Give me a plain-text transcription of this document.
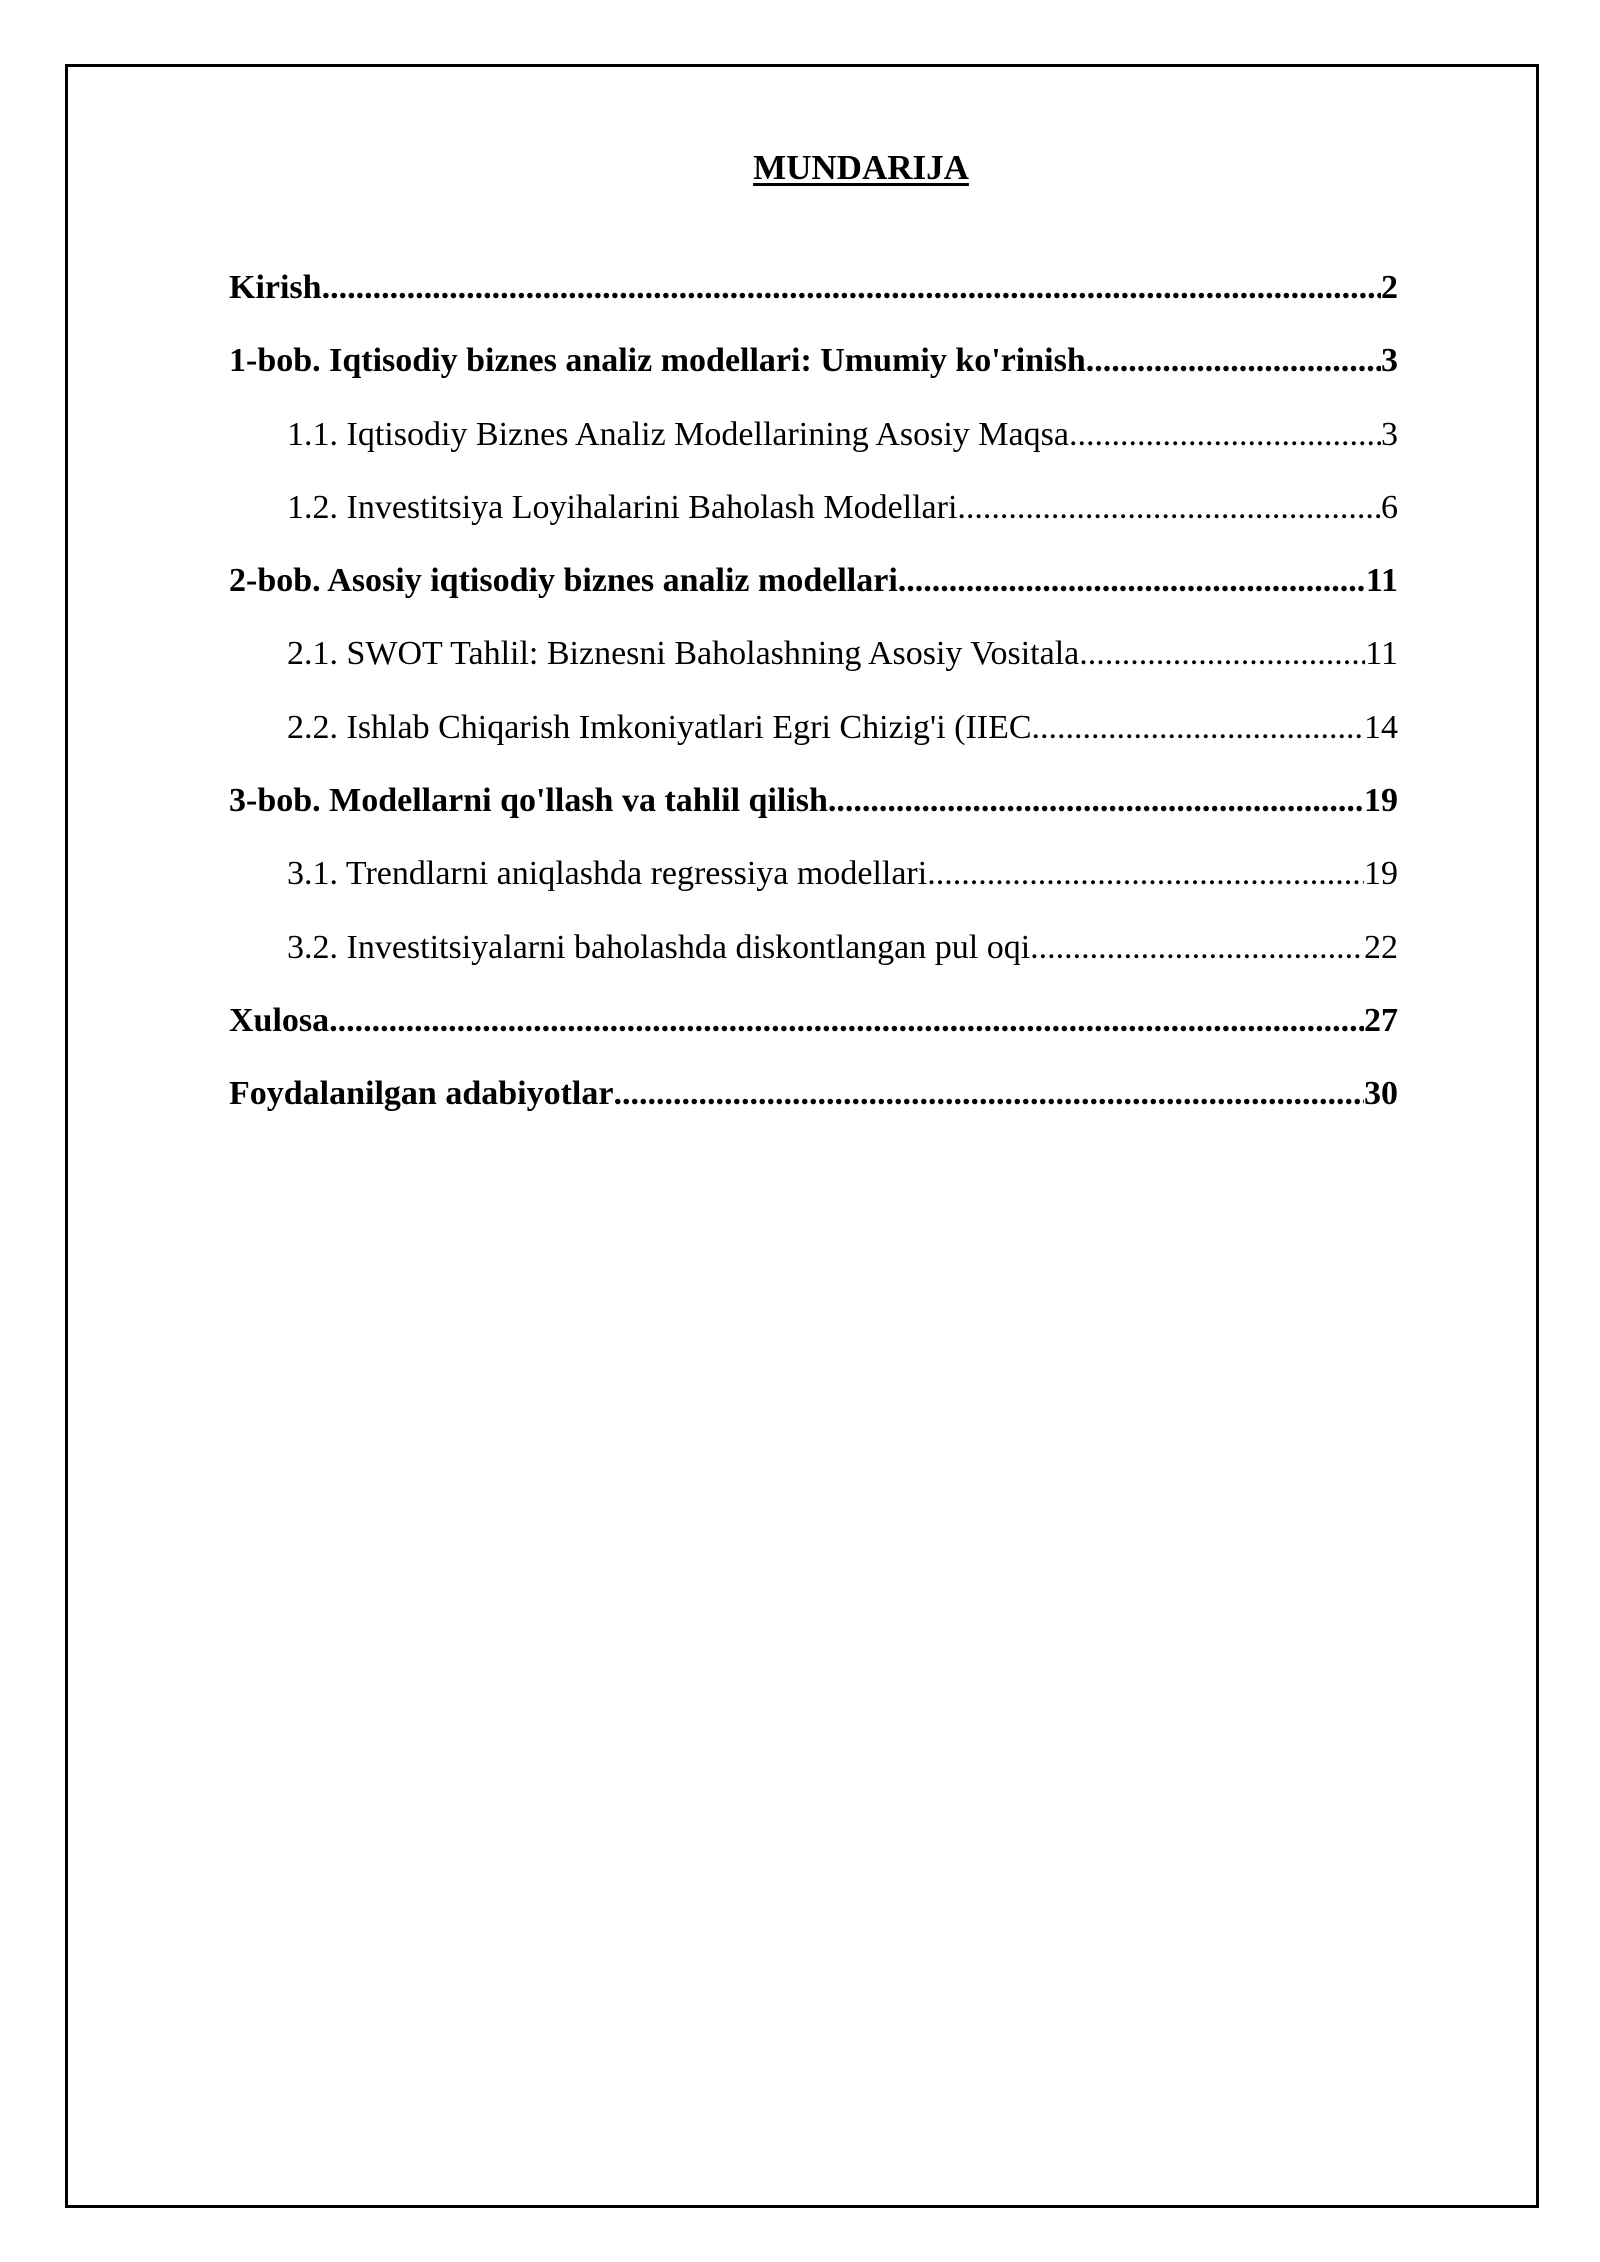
MUNDARIJA
Kirish .....	2
1-bob. Iqtisodiy biznes analiz modellari: Umumiy ko'rinish .....	3
1.1. Iqtisodiy Biznes Analiz Modellarining Asosiy Maqsa .....	3
1.2. Investitsiya Loyihalarini Baholash Modellari .....	6
2-bob. Asosiy iqtisodiy biznes analiz modellari .....	11
2.1. SWOT Tahlil: Biznesni Baholashning Asosiy Vositala .....	11
2.2. Ishlab Chiqarish Imkoniyatlari Egri Chizig'i (IIEC .....	14
3-bob. Modellarni qo'llash va tahlil qilish .....	19
3.1. Trendlarni aniqlashda regressiya modellari .....	19
3.2. Investitsiyalarni baholashda diskontlangan pul oqi .....	22
Xulosa .....	27
Foydalanilgan adabiyotlar .....	30
